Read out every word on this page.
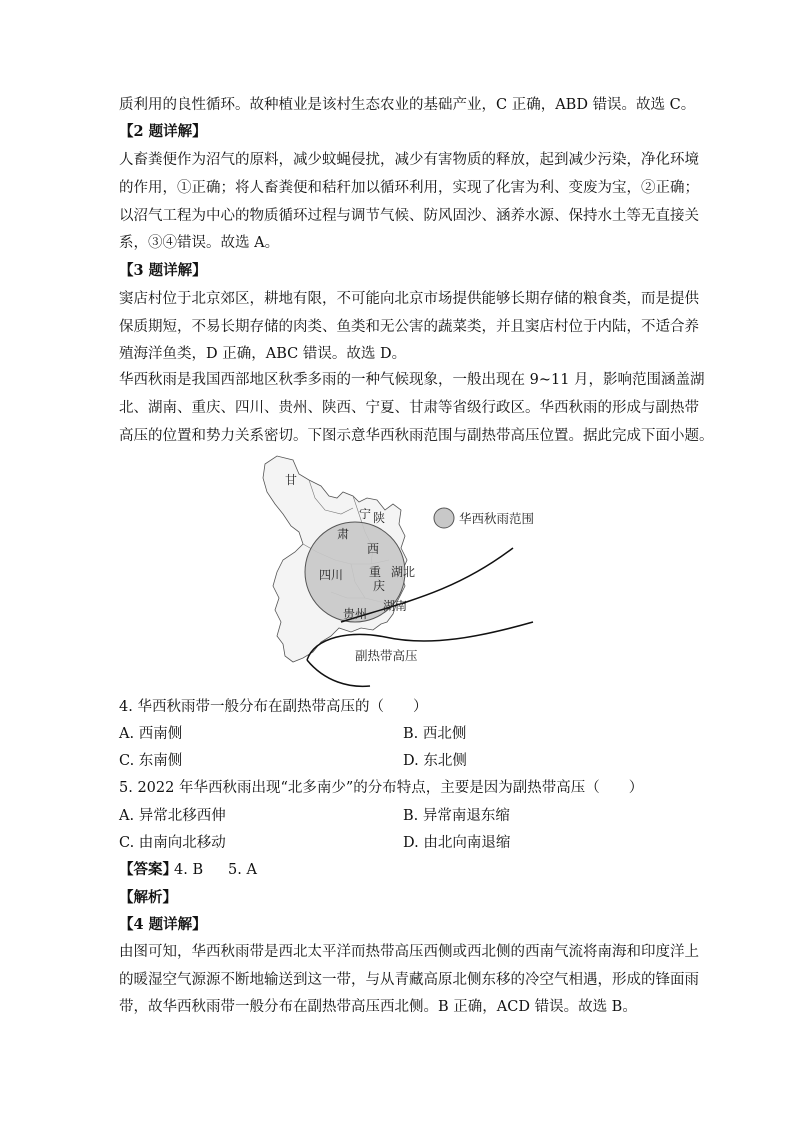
质利用的良性循环。故种植业是该村生态农业的基础产业，C 正确，ABD 错误。故选 C。
【2 题详解】
人畜粪便作为沼气的原料，减少蚊蝇侵扰，减少有害物质的释放，起到减少污染，净化环境
的作用，①正确；将人畜粪便和秸秆加以循环利用，实现了化害为利、变废为宝，②正确；
以沼气工程为中心的物质循环过程与调节气候、防风固沙、涵养水源、保持水土等无直接关
系，③④错误。故选 A。
【3 题详解】
窦店村位于北京郊区，耕地有限，不可能向北京市场提供能够长期存储的粮食类，而是提供
保质期短，不易长期存储的肉类、鱼类和无公害的蔬菜类，并且窦店村位于内陆，不适合养
殖海洋鱼类，D 正确，ABC 错误。故选 D。
华西秋雨是我国西部地区秋季多雨的一种气候现象，一般出现在 9~11 月，影响范围涵盖湖
北、湖南、重庆、四川、贵州、陕西、宁夏、甘肃等省级行政区。华西秋雨的形成与副热带
高压的位置和势力关系密切。下图示意华西秋雨范围与副热带高压位置。据此完成下面小题。
华西秋雨范围
甘
宁 陕
肃
西
四川 重 湖北
庆
贵州
湖南
副热带高压
4. 华西秋雨带一般分布在副热带高压的（　　）
A. 西南侧	B. 西北侧
C. 东南侧	D. 东北侧
5. 2022 年华西秋雨出现“北多南少”的分布特点，主要是因为副热带高压（　　）
A. 异常北移西伸	B. 异常南退东缩
C. 由南向北移动	D. 由北向南退缩
【答案】
4. B 5. A
【解析】
【4 题详解】
由图可知，华西秋雨带是西北太平洋而热带高压西侧或西北侧的西南气流将南海和印度洋上
的暖湿空气源源不断地输送到这一带，与从青藏高原北侧东移的冷空气相遇，形成的锋面雨
带，故华西秋雨带一般分布在副热带高压西北侧。B 正确，ACD 错误。故选 B。
